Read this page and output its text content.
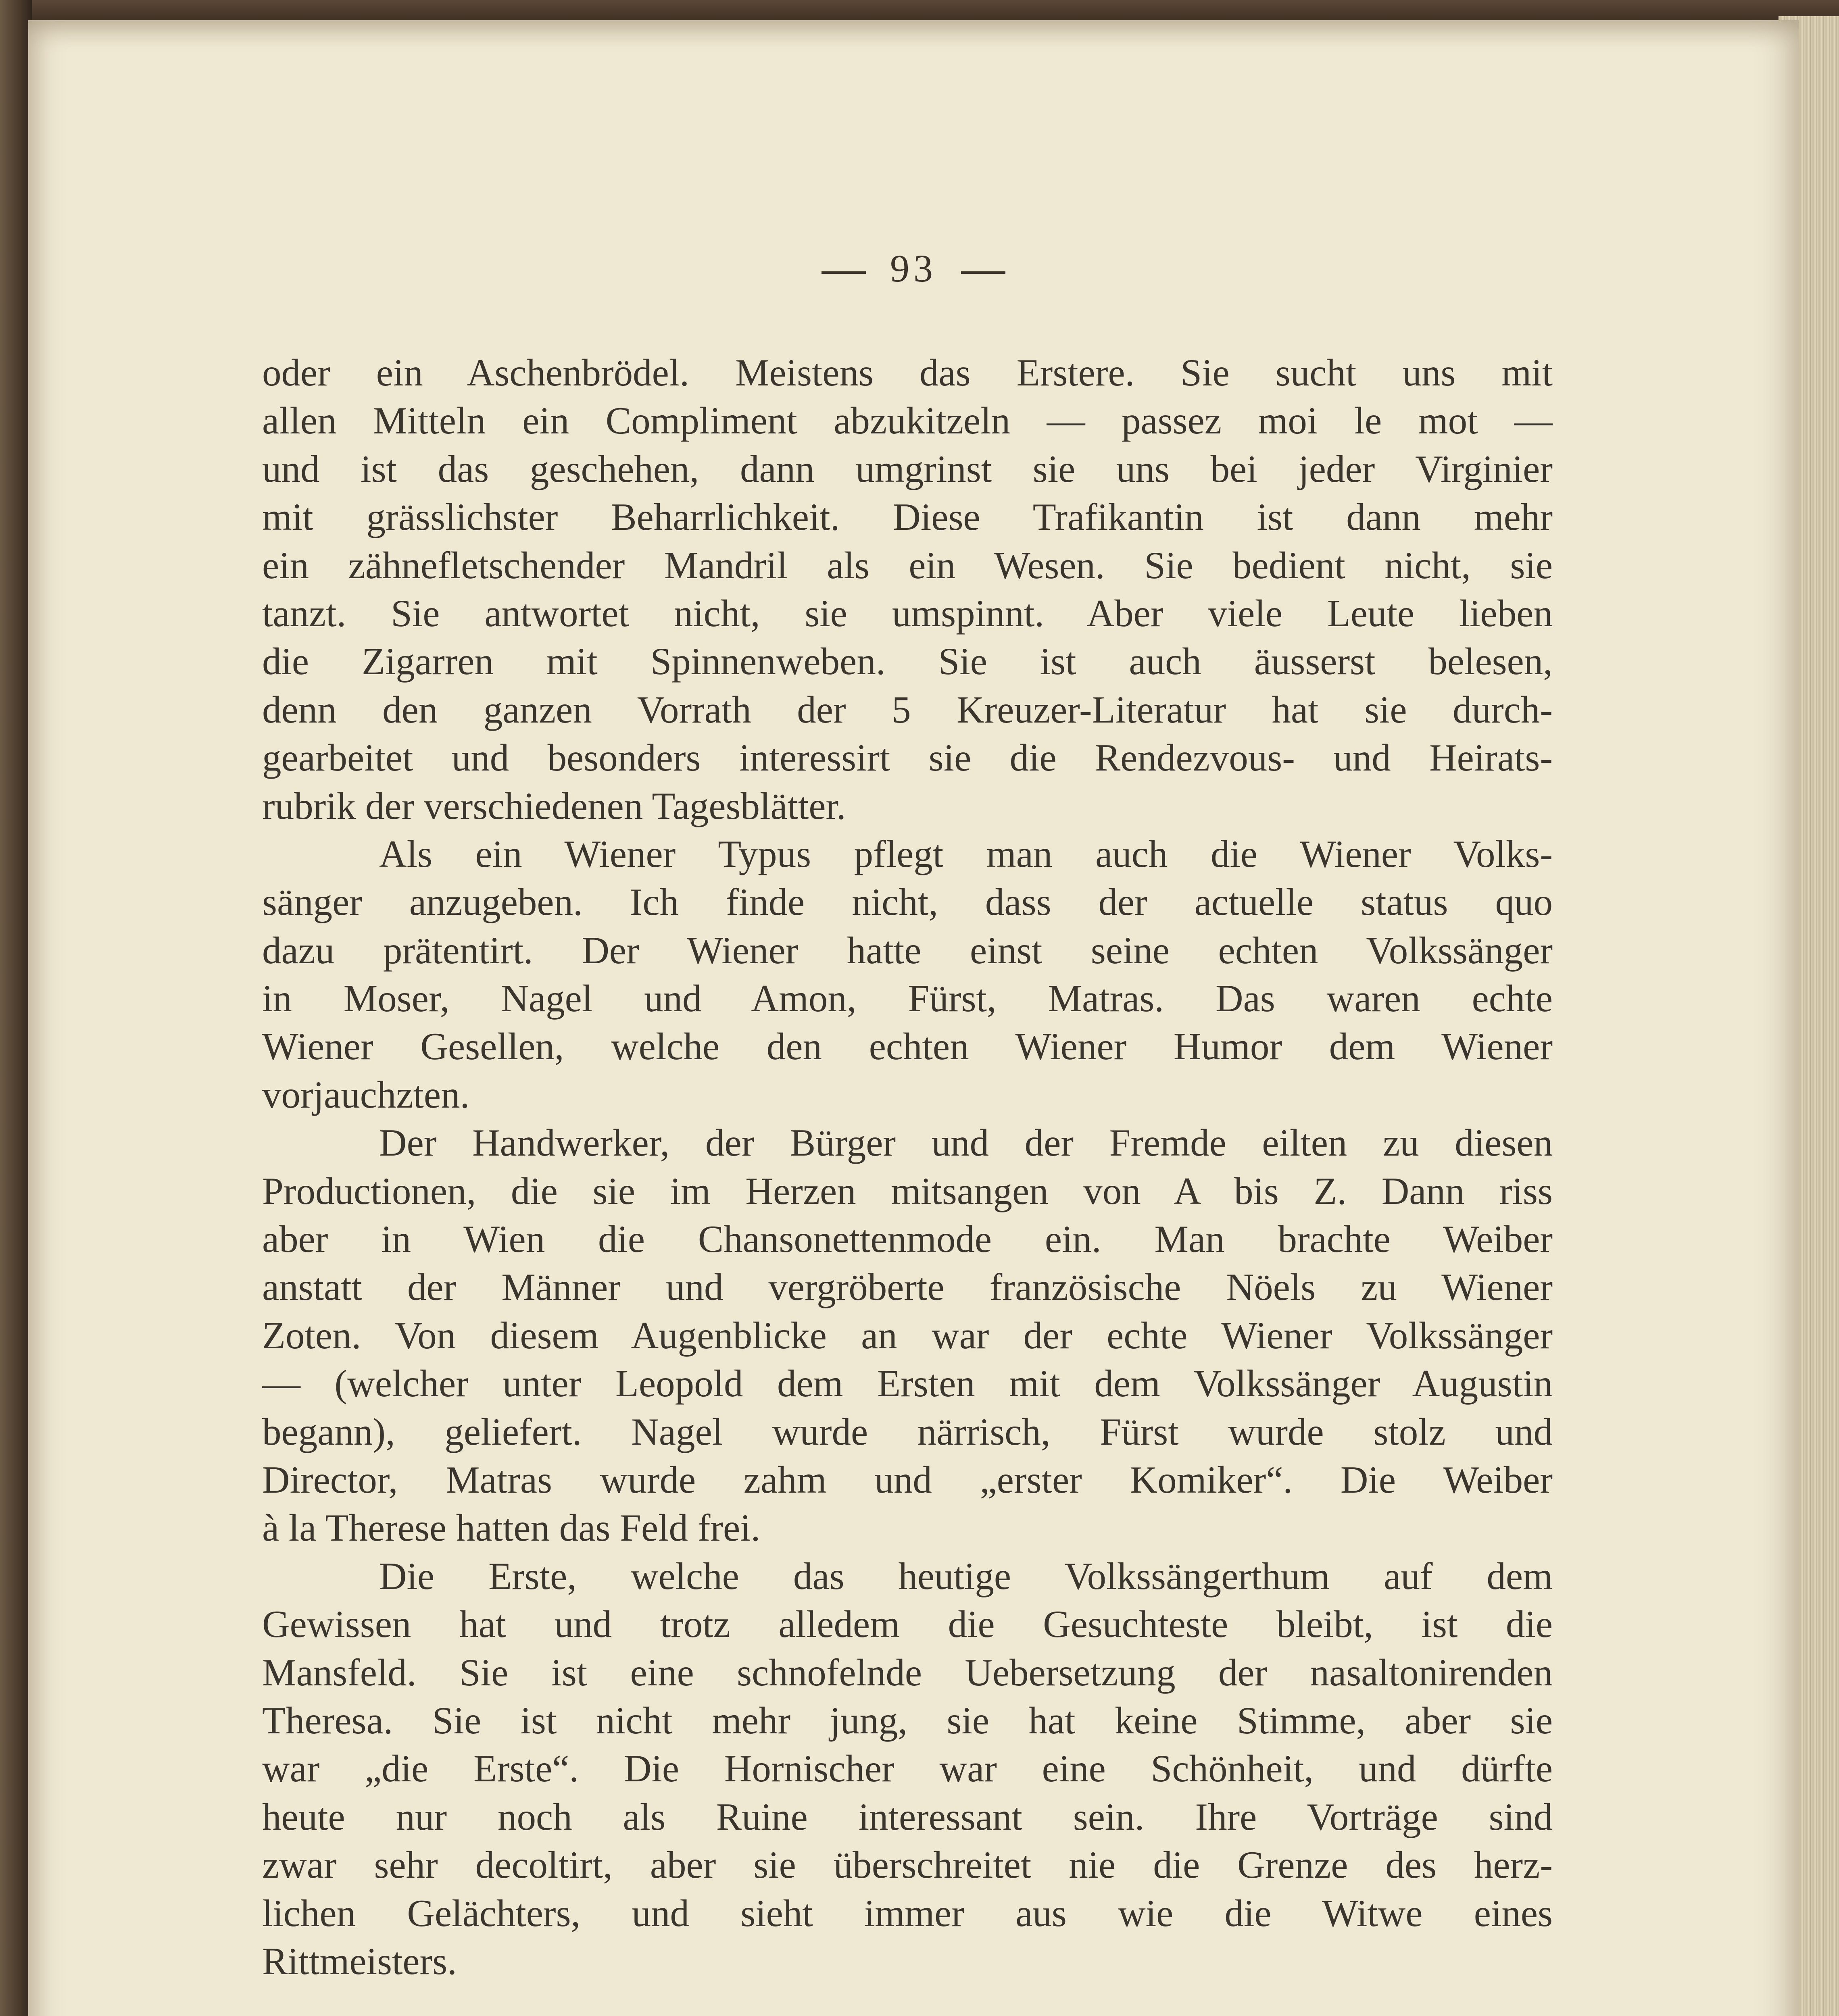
93
oder ein Aschenbrödel. Meistens das Erstere. Sie sucht uns mit
allen Mitteln ein Compliment abzukitzeln — passez moi le mot —
und ist das geschehen, dann umgrinst sie uns bei jeder Virginier
mit grässlichster Beharrlichkeit. Diese Trafikantin ist dann mehr
ein zähnefletschender Mandril als ein Wesen. Sie bedient nicht, sie
tanzt. Sie antwortet nicht, sie umspinnt. Aber viele Leute lieben
die Zigarren mit Spinnenweben. Sie ist auch äusserst belesen,
denn den ganzen Vorrath der 5 Kreuzer-Literatur hat sie durch-
gearbeitet und besonders interessirt sie die Rendezvous- und Heirats-
rubrik der verschiedenen Tagesblätter.
Als ein Wiener Typus pflegt man auch die Wiener Volks-
sänger anzugeben. Ich finde nicht, dass der actuelle status quo
dazu prätentirt. Der Wiener hatte einst seine echten Volkssänger
in Moser, Nagel und Amon, Fürst, Matras. Das waren echte
Wiener Gesellen, welche den echten Wiener Humor dem Wiener
vorjauchzten.
Der Handwerker, der Bürger und der Fremde eilten zu diesen
Productionen, die sie im Herzen mitsangen von A bis Z. Dann riss
aber in Wien die Chansonettenmode ein. Man brachte Weiber
anstatt der Männer und vergröberte französische Nöels zu Wiener
Zoten. Von diesem Augenblicke an war der echte Wiener Volkssänger
— (welcher unter Leopold dem Ersten mit dem Volkssänger Augustin
begann), geliefert. Nagel wurde närrisch, Fürst wurde stolz und
Director, Matras wurde zahm und „erster Komiker“. Die Weiber
à la Therese hatten das Feld frei.
Die Erste, welche das heutige Volkssängerthum auf dem
Gewissen hat und trotz alledem die Gesuchteste bleibt, ist die
Mansfeld. Sie ist eine schnofelnde Uebersetzung der nasaltonirenden
Theresa. Sie ist nicht mehr jung, sie hat keine Stimme, aber sie
war „die Erste“. Die Hornischer war eine Schönheit, und dürfte
heute nur noch als Ruine interessant sein. Ihre Vorträge sind
zwar sehr decoltirt, aber sie überschreitet nie die Grenze des herz-
lichen Gelächters, und sieht immer aus wie die Witwe eines
Rittmeisters.
